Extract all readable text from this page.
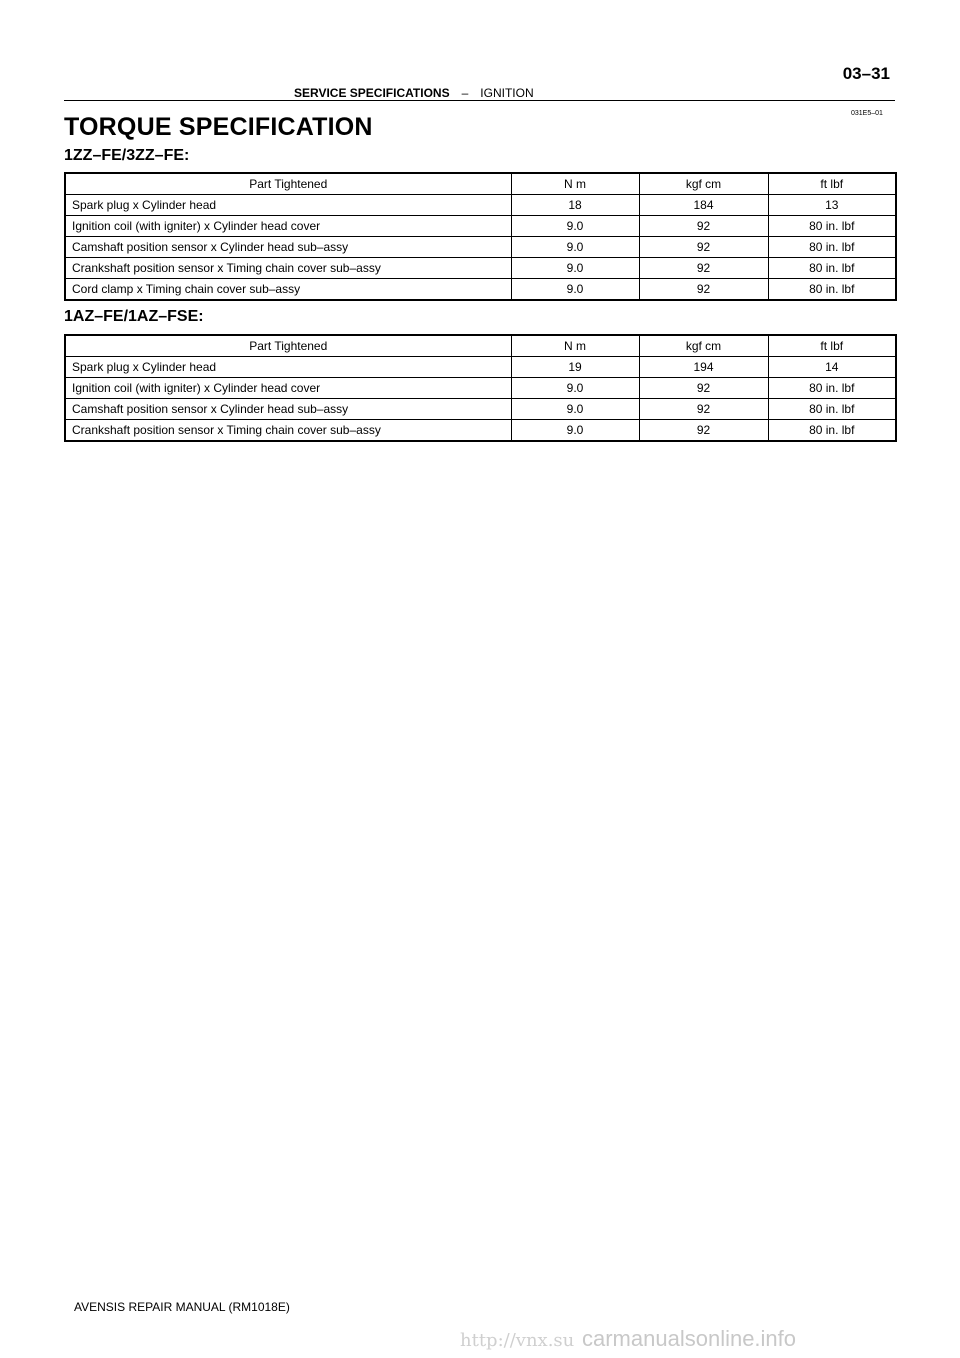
SERVICE SPECIFICATIONS – IGNITION
03–31
031E5–01
TORQUE SPECIFICATION
1ZZ–FE/3ZZ–FE:
Part Tightened	N m	kgf cm	ft lbf
Spark plug x Cylinder head	18	184	13
Ignition coil (with igniter) x Cylinder head cover	9.0	92	80 in. lbf
Camshaft position sensor x Cylinder head sub–assy	9.0	92	80 in. lbf
Crankshaft position sensor x Timing chain cover sub–assy	9.0	92	80 in. lbf
Cord clamp x Timing chain cover sub–assy	9.0	92	80 in. lbf
1AZ–FE/1AZ–FSE:
Part Tightened	N m	kgf cm	ft lbf
Spark plug x Cylinder head	19	194	14
Ignition coil (with igniter) x Cylinder head cover	9.0	92	80 in. lbf
Camshaft position sensor x Cylinder head sub–assy	9.0	92	80 in. lbf
Crankshaft position sensor x Timing chain cover sub–assy	9.0	92	80 in. lbf
AVENSIS REPAIR MANUAL (RM1018E)
http://vnx.su carmanualsonline.info
